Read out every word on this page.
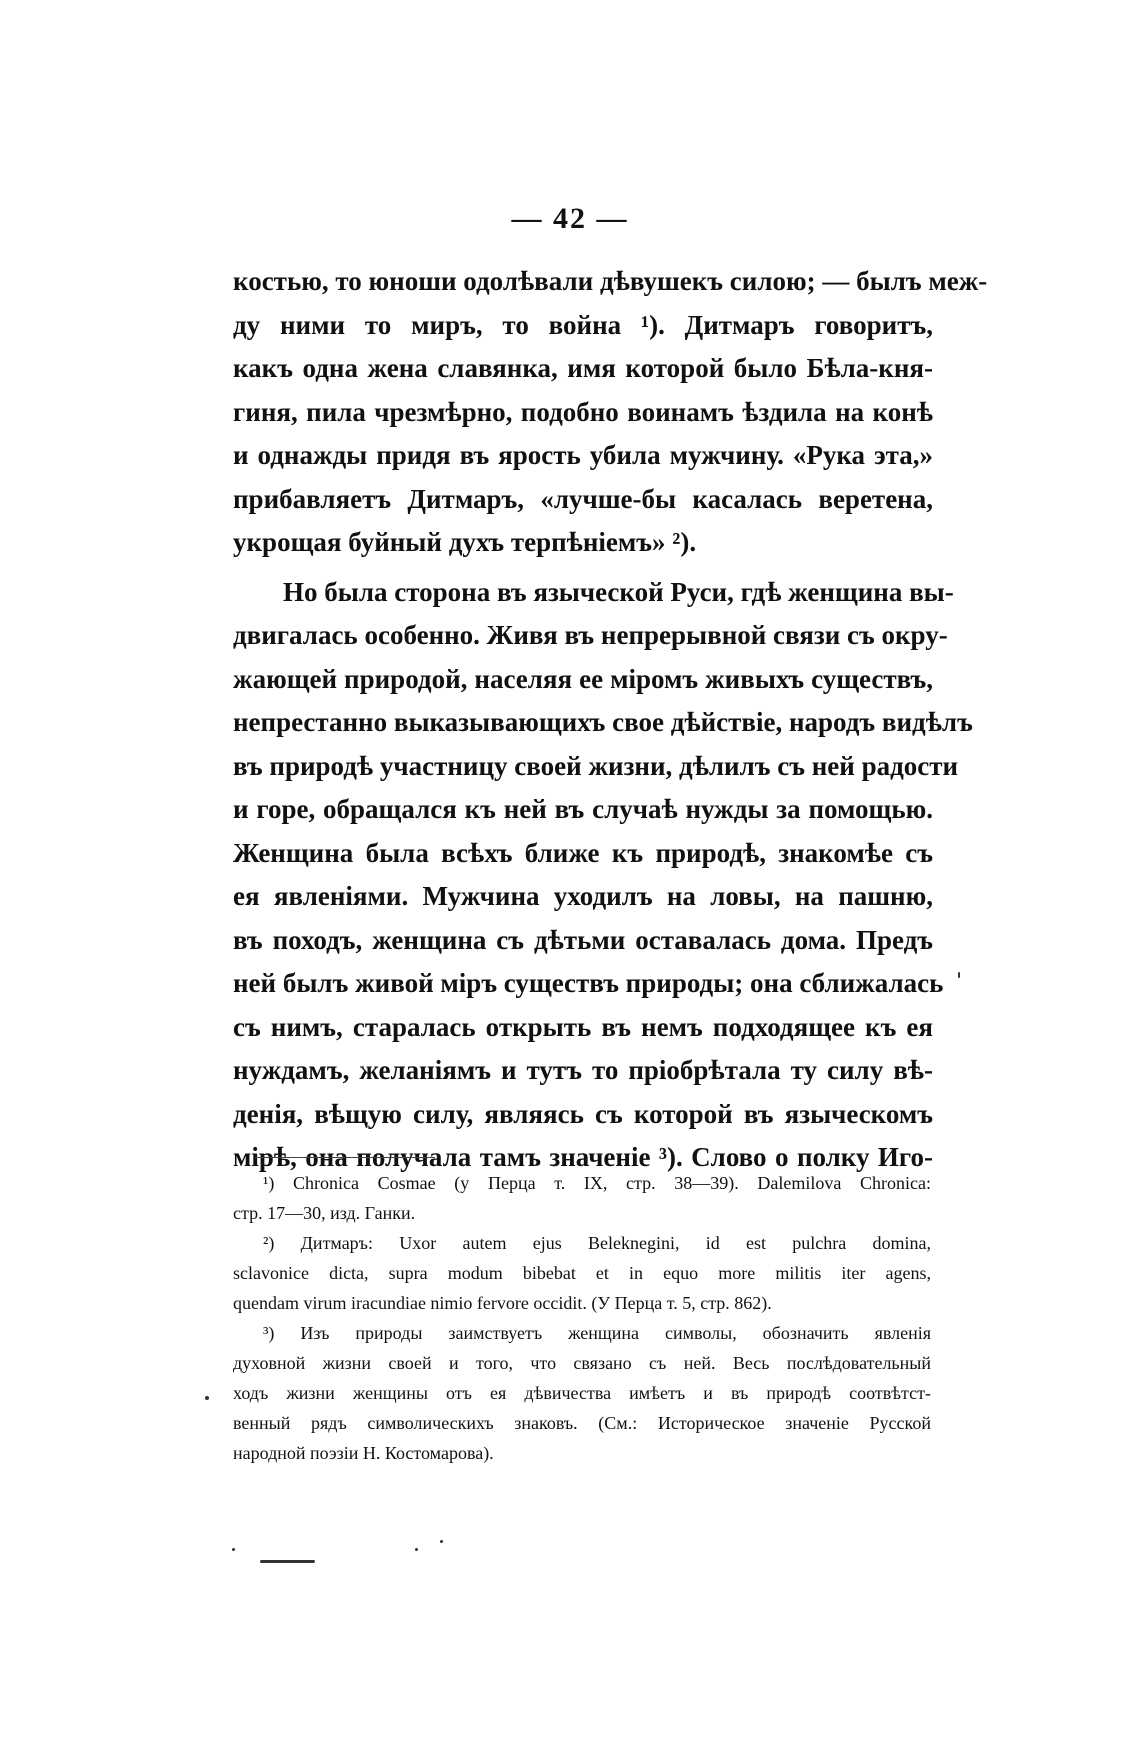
— 42 —
костью, то юноши одолѣвали дѣвушекъ силою; — былъ меж-
ду ними то миръ, то война ¹). Дитмаръ говоритъ,
какъ одна жена славянка, имя которой было Бѣла-кня-
гиня, пила чрезмѣрно, подобно воинамъ ѣздила на конѣ
и однажды придя въ ярость убила мужчину. «Рука эта,»
прибавляетъ Дитмаръ, «лучше-бы касалась веретена,
укрощая буйный духъ терпѣніемъ» ²).
Но была сторона въ языческой Руси, гдѣ женщина вы-
двигалась особенно. Живя въ непрерывной связи съ окру-
жающей природой, населяя ее міромъ живыхъ существъ,
непрестанно выказывающихъ свое дѣйствіе, народъ видѣлъ
въ природѣ участницу своей жизни, дѣлилъ съ ней радости
и горе, обращался къ ней въ случаѣ нужды за помощью.
Женщина была всѣхъ ближе къ природѣ, знакомѣе съ
ея явленіями. Мужчина уходилъ на ловы, на пашню,
въ походъ, женщина съ дѣтьми оставалась дома. Предъ
ней былъ живой міръ существъ природы; она сближалась
съ нимъ, старалась открыть въ немъ подходящее къ ея
нуждамъ, желаніямъ и тутъ то пріобрѣтала ту силу вѣ-
денія, вѣщую силу, являясь съ которой въ языческомъ
мірѣ, она получала тамъ значеніе ³). Слово о полку Иго-
¹) Chronica Cosmae (у Перца т. IX, стр. 38—39). Dalemilova Chronica:
стр. 17—30, изд. Ганки.
²) Дитмаръ: Uxor autem ejus Beleknegini, id est pulchra domina,
sclavonice dicta, supra modum bibebat et in equo more militis iter agens,
quendam virum iracundiae nimio fervore occidit. (У Перца т. 5, стр. 862).
³) Изъ природы заимствуетъ женщина символы, обозначить явленія
духовной жизни своей и того, что связано съ ней. Весь послѣдовательный
ходъ жизни женщины отъ ея дѣвичества имѣетъ и въ природѣ соотвѣтст-
венный рядъ символическихъ знаковъ. (См.: Историческое значеніе Русской
народной поэзіи Н. Костомарова).
